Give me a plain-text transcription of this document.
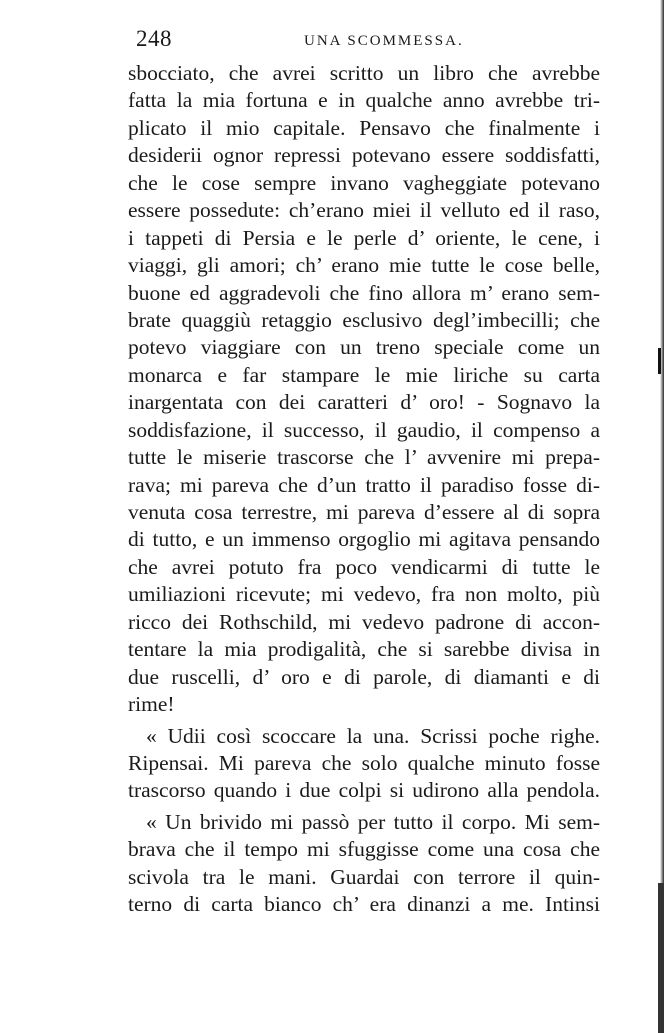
248	UNA SCOMMESSA.
sbocciato, che avrei scritto un libro che avrebbe
fatta la mia fortuna e in qualche anno avrebbe tri-
plicato il mio capitale. Pensavo che finalmente i
desiderii ognor repressi potevano essere soddisfatti,
che le cose sempre invano vagheggiate potevano
essere possedute: ch’erano miei il velluto ed il raso,
i tappeti di Persia e le perle d’ oriente, le cene, i
viaggi, gli amori; ch’ erano mie tutte le cose belle,
buone ed aggradevoli che fino allora m’ erano sem-
brate quaggiù retaggio esclusivo degl’imbecilli; che
potevo viaggiare con un treno speciale come un
monarca e far stampare le mie liriche su carta
inargentata con dei caratteri d’ oro! - Sognavo la
soddisfazione, il successo, il gaudio, il compenso a
tutte le miserie trascorse che l’ avvenire mi prepa-
rava; mi pareva che d’un tratto il paradiso fosse di-
venuta cosa terrestre, mi pareva d’essere al di sopra
di tutto, e un immenso orgoglio mi agitava pensando
che avrei potuto fra poco vendicarmi di tutte le
umiliazioni ricevute; mi vedevo, fra non molto, più
ricco dei Rothschild, mi vedevo padrone di accon-
tentare la mia prodigalità, che si sarebbe divisa in
due ruscelli, d’ oro e di parole, di diamanti e di
rime!
« Udii così scoccare la una. Scrissi poche righe.
Ripensai. Mi pareva che solo qualche minuto fosse
trascorso quando i due colpi si udirono alla pendola.
« Un brivido mi passò per tutto il corpo. Mi sem-
brava che il tempo mi sfuggisse come una cosa che
scivola tra le mani. Guardai con terrore il quin-
terno di carta bianco ch’ era dinanzi a me. Intinsi
